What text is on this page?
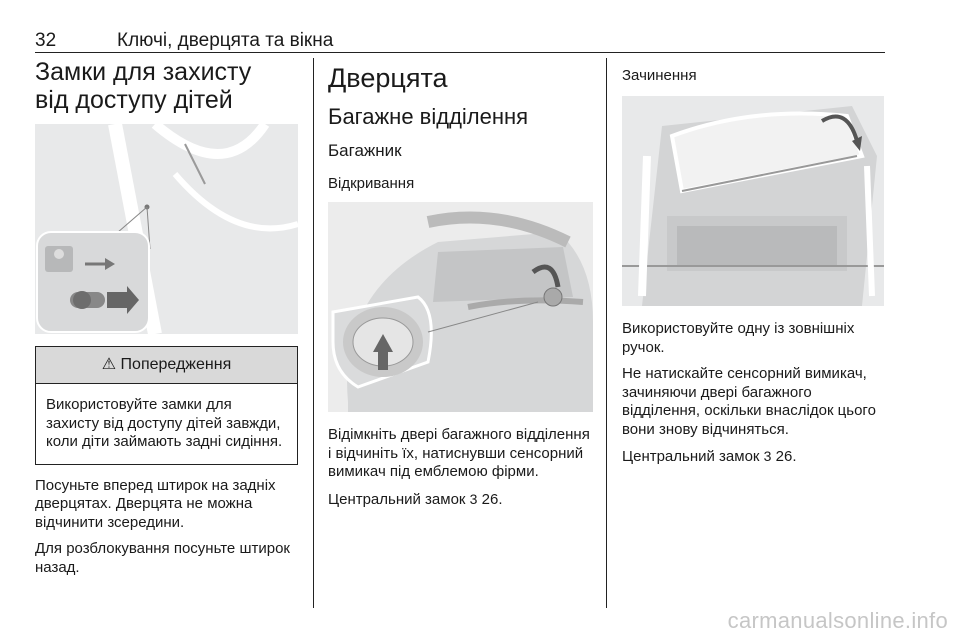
32	Ключі, дверцята та вікна
Замки для захисту від доступу дітей
⚠ Попередження

Використовуйте замки для захисту від доступу дітей завжди, коли діти займають задні сидіння.

Посуньте вперед штирок на задніх дверцятах. Дверцята не можна відчинити зсередини.

Для розблокування посуньте штирок назад.

Дверцята
Багажне відділення
Багажник
Відкривання

Відімкніть двері багажного відділення і відчиніть їх, натиснувши сенсорний вимикач під емблемою фірми.

Центральний замок 3 26.

Зачинення

Використовуйте одну із зовнішніх ручок.

Не натискайте сенсорний вимикач, зачиняючи двері багажного відділення, оскільки внаслідок цього вони знову відчиняться.

Центральний замок 3 26.

carmanualsonline.info
